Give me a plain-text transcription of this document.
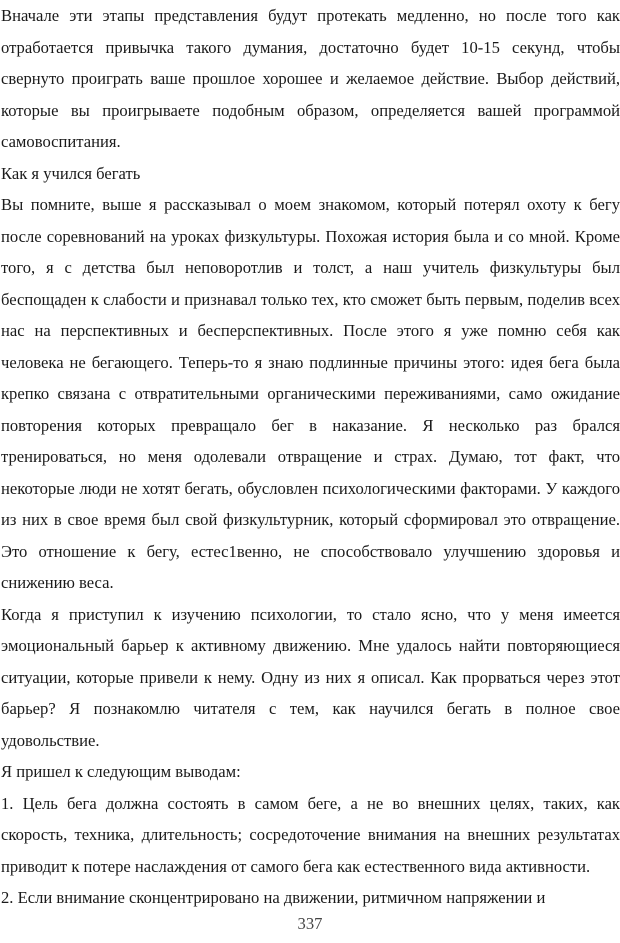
Вначале эти этапы представления будут протекать медленно, но после того как отработается привычка такого думания, достаточно будет 10-15 секунд, чтобы свернуто проиграть ваше прошлое хорошее и желаемое действие. Выбор действий, которые вы проигрываете подобным образом, определяется вашей программой самовоспитания.

Как я учился бегать

Вы помните, выше я рассказывал о моем знакомом, который потерял охоту к бегу после соревнований на уроках физкультуры. Похожая история была и со мной. Кроме того, я с детства был неповоротлив и толст, а наш учитель физкультуры был беспощаден к слабости и признавал только тех, кто сможет быть первым, поделив всех нас на перспективных и бесперспективных. После этого я уже помню себя как человека не бегающего. Теперь-то я знаю подлинные причины этого: идея бега была крепко связана с отвратительными органическими переживаниями, само ожидание повторения которых превращало бег в наказание. Я несколько раз брался тренироваться, но меня одолевали отвращение и страх. Думаю, тот факт, что некоторые люди не хотят бегать, обусловлен психологическими факторами. У каждого из них в свое время был свой физкультурник, который сформировал это отвращение. Это отношение к бегу, естес1венно, не способствовало улучшению здоровья и снижению веса.

Когда я приступил к изучению психологии, то стало ясно, что у меня имеется эмоциональный барьер к активному движению. Мне удалось найти повторяющиеся ситуации, которые привели к нему. Одну из них я описал. Как прорваться через этот барьер? Я познакомлю читателя с тем, как научился бегать в полное свое удовольствие.

Я пришел к следующим выводам:

1. Цель бега должна состоять в самом беге, а не во внешних целях, таких, как скорость, техника, длительность; сосредоточение внимания на внешних результатах приводит к потере наслаждения от самого бега как естественного вида активности.

2. Если внимание сконцентрировано на движении, ритмичном напряжении и

337
